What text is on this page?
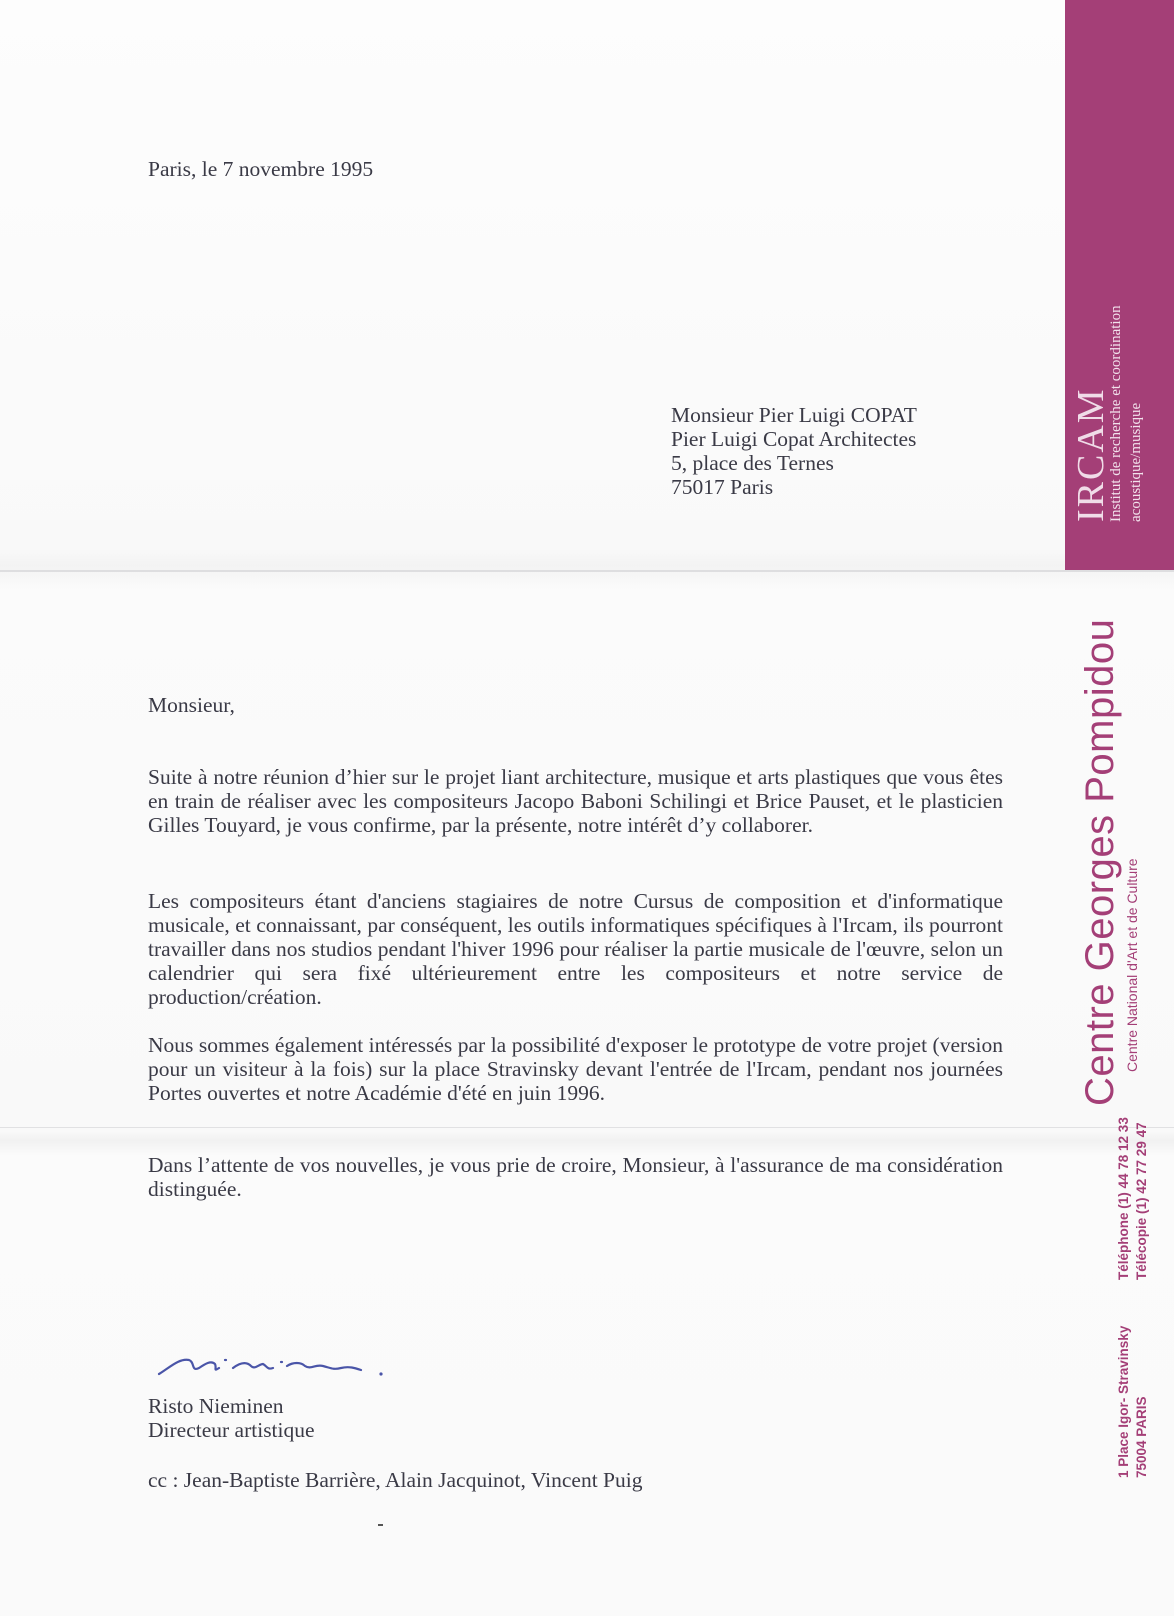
Paris, le 7 novembre 1995

Monsieur Pier Luigi COPAT
Pier Luigi Copat Architectes
5, place des Ternes
75017 Paris

Monsieur,

Suite à notre réunion d’hier sur le projet liant architecture, musique et arts plastiques que vous êtes en train de réaliser avec les compositeurs Jacopo Baboni Schilingi et Brice Pauset, et le plasticien Gilles Touyard, je vous confirme, par la présente, notre intérêt d’y collaborer.

Les compositeurs étant d'anciens stagiaires de notre Cursus de composition et d'informatique musicale, et connaissant, par conséquent, les outils informatiques spécifiques à l'Ircam, ils pourront travailler dans nos studios pendant l'hiver 1996 pour réaliser la partie musicale de l'œuvre, selon un calendrier qui sera fixé ultérieurement entre les compositeurs et notre service de production/création.

Nous sommes également intéressés par la possibilité d'exposer le prototype de votre projet (version pour un visiteur à la fois) sur la place Stravinsky devant l'entrée de l'Ircam, pendant nos journées Portes ouvertes et notre Académie d'été en juin 1996.

Dans l’attente de vos nouvelles, je vous prie de croire, Monsieur, à l'assurance de ma considération distinguée.

Risto Nieminen

Directeur artistique

cc : Jean-Baptiste Barrière, Alain Jacquinot, Vincent Puig

IRCAM
Institut de recherche et coordination acoustique/musique
Centre Georges Pompidou Centre National d'Art et de Culture
Téléphone (1) 44 78 12 33 Télécopie (1) 42 77 29 47
1 Place Igor- Stravinsky 75004 PARIS
